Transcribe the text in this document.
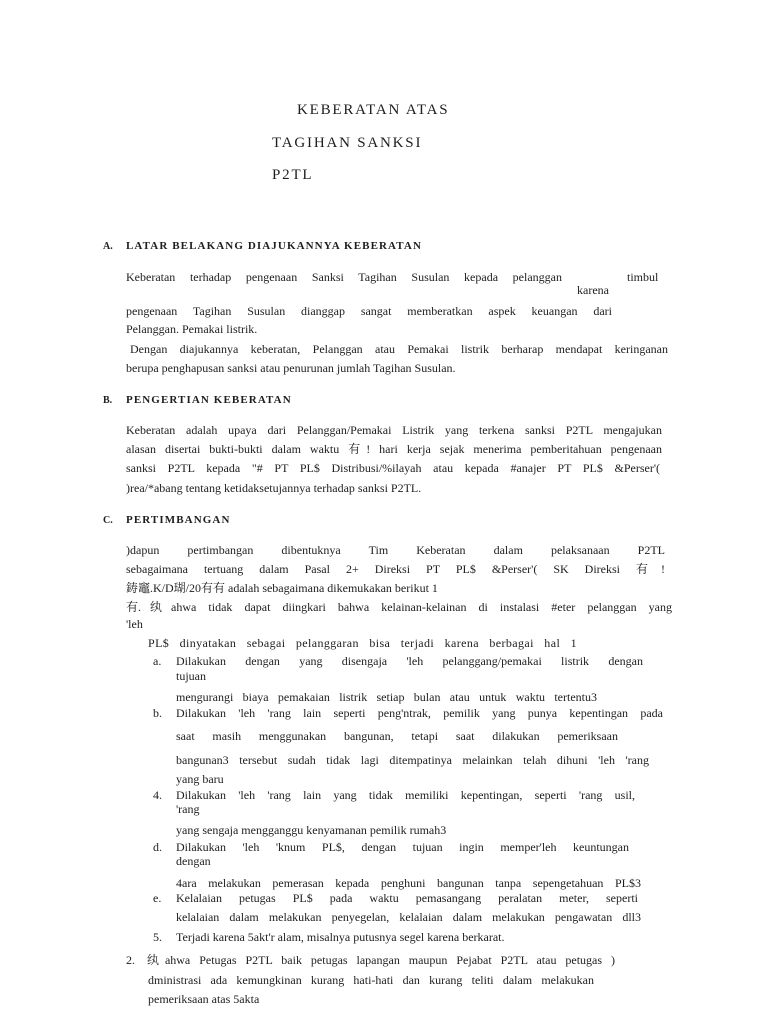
KEBERATAN ATAS
TAGIHAN SANKSI
P2TL
A. LATAR BELAKANG DIAJUKANNYA KEBERATAN
Keberatan terhadap pengenaan Sanksi Tagihan Susulan kepada pelanggan	timbul
karena
pengenaan Tagihan Susulan dianggap sangat memberatkan aspek keuangan dari
Pelanggan. Pemakai listrik.
Dengan diajukannya keberatan, Pelanggan atau Pemakai listrik berharap mendapat keringanan
berupa penghapusan sanksi atau penurunan jumlah Tagihan Susulan.
B. PENGERTIAN KEBERATAN
Keberatan adalah upaya dari Pelanggan/Pemakai Listrik yang terkena sanksi P2TL mengajukan
alasan disertai bukti-bukti dalam waktu 有! hari kerja sejak menerima pemberitahuan pengenaan
sanksi P2TL kepada "# PT PL$ Distribusi/%ilayah atau kepada #anajer PT PL$ &Perser'(
)rea/*abang tentang ketidaksetujannya terhadap sanksi P2TL.
C. PERTIMBANGAN
)dapun pertimbangan dibentuknya Tim Keberatan dalam pelaksanaan P2TL
sebagaimana tertuang dalam Pasal 2+ Direksi PT PL$ &Perser'( SK Direksi 有!
鋳竈.K/D瑚/20有有 adalah sebagaimana dikemukakan berikut 1
有. 纨ahwa tidak dapat diingkari bahwa kelainan-kelainan di instalasi #eter pelanggan yang
'leh
PL$ dinyatakan sebagai pelanggaran bisa terjadi karena berbagai hal 1
a. Dilakukan dengan yang disengaja 'leh pelanggang/pemakai listrik dengan
tujuan
mengurangi biaya pemakaian listrik setiap bulan atau untuk waktu tertentu3
b. Dilakukan 'leh 'rang lain seperti peng'ntrak, pemilik yang punya kepentingan pada
saat masih menggunakan bangunan, tetapi saat dilakukan pemeriksaan
bangunan3 tersebut sudah tidak lagi ditempatinya melainkan telah dihuni 'leh 'rang
yang baru
4. Dilakukan 'leh 'rang lain yang tidak memiliki kepentingan, seperti 'rang usil,
'rang
yang sengaja mengganggu kenyamanan pemilik rumah3
d. Dilakukan 'leh 'knum PL$, dengan tujuan ingin memper'leh keuntungan
dengan
4ara melakukan pemerasan kepada penghuni bangunan tanpa sepengetahuan PL$3
e. Kelalaian petugas PL$ pada waktu pemasangang peralatan meter, seperti
kelalaian dalam melakukan penyegelan, kelalaian dalam melakukan pengawatan dll3
5. Terjadi karena 5akt'r alam, misalnya putusnya segel karena berkarat.
2. 纨ahwa Petugas P2TL baik petugas lapangan maupun Pejabat P2TL atau petugas )
dministrasi ada kemungkinan kurang hati-hati dan kurang teliti dalam melakukan
pemeriksaan atas 5akta
